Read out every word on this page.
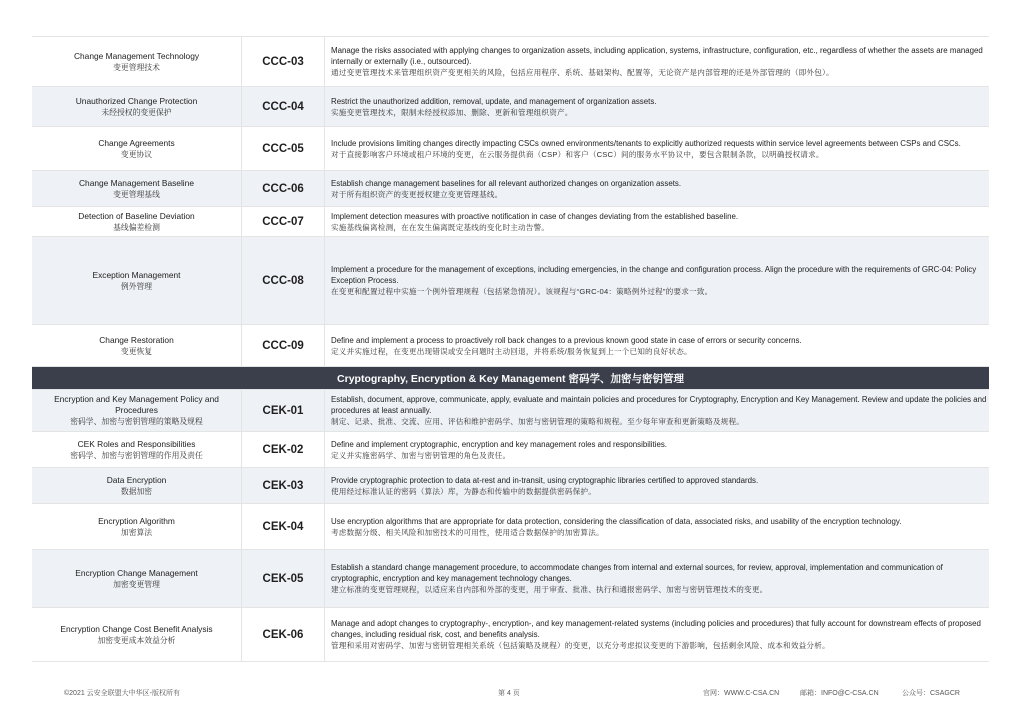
Change Management Technology
变更管理技术	CCC-03
Manage the risks associated with applying changes to organization assets, including application, systems, infrastructure, configuration, etc., regardless of whether the assets are managed internally or externally (i.e., outsourced).
通过变更管理技术来管理组织资产变更相关的风险，包括应用程序、系统、基础架构、配置等，无论资产是内部管理的还是外部管理的（即外包）。
Unauthorized Change Protection
未经授权的变更保护	CCC-04	Restrict the unauthorized addition, removal, update, and management of organization assets.
实施变更管理技术，限制未经授权添加、删除、更新和管理组织资产。
Change Agreements
变更协议	CCC-05	Include provisions limiting changes directly impacting CSCs owned environments/tenants to explicitly authorized requests within service level agreements between CSPs and CSCs.
对于直接影响客户环境或租户环境的变更，在云服务提供商（CSP）和客户（CSC）间的服务水平协议中，要包含限制条款，以明确授权请求。
Change Management Baseline
变更管理基线	CCC-06	Establish change management baselines for all relevant authorized changes on organization assets.
对于所有组织资产的变更授权建立变更管理基线。
Detection of Baseline Deviation
基线偏差检测	CCC-07	Implement detection measures with proactive notification in case of changes deviating from the established baseline.
实施基线偏离检测，在在发生偏离既定基线的变化时主动告警。
Exception Management
例外管理	CCC-08
Implement a procedure for the management of exceptions, including emergencies, in the change and configuration process. Align the procedure with the requirements of GRC-04: Policy Exception Process.
在变更和配置过程中实施一个例外管理规程（包括紧急情况）。该规程与“GRC-04：策略例外过程”的要求一致。
Change Restoration
变更恢复	CCC-09	Define and implement a process to proactively roll back changes to a previous known good state in case of errors or security concerns.
定义并实施过程，在变更出现错误或安全问题时主动回退，并将系统/服务恢复到上一个已知的良好状态。
Cryptography, Encryption & Key Management 密码学、加密与密钥管理
Encryption and Key Management Policy and Procedures
密码学、加密与密钥管理的策略及规程
CEK-01
Establish, document, approve, communicate, apply, evaluate and maintain policies and procedures for Cryptography, Encryption and Key Management. Review and update the policies and procedures at least annually.
制定、记录、批准、交流、应用、评估和维护密码学、加密与密钥管理的策略和规程。至少每年审查和更新策略及规程。
CEK Roles and Responsibilities
密码学、加密与密钥管理的作用及责任	CEK-02	Define and implement cryptographic, encryption and key management roles and responsibilities.
定义并实施密码学、加密与密钥管理的角色及责任。
Data Encryption
数据加密	CEK-03	Provide cryptographic protection to data at-rest and in-transit, using cryptographic libraries certified to approved standards.
使用经过标准认证的密码（算法）库，为静态和传输中的数据提供密码保护。
Encryption Algorithm
加密算法	CEK-04	Use encryption algorithms that are appropriate for data protection, considering the classification of data, associated risks, and usability of the encryption technology.
考虑数据分级、相关风险和加密技术的可用性，使用适合数据保护的加密算法。
Encryption Change Management
加密变更管理	CEK-05
Establish a standard change management procedure, to accommodate changes from internal and external sources, for review, approval, implementation and communication of cryptographic, encryption and key management technology changes.
建立标准的变更管理规程，以适应来自内部和外部的变更，用于审查、批准、执行和通报密码学、加密与密钥管理技术的变更。
Encryption Change Cost Benefit Analysis
加密变更成本效益分析	CEK-06
Manage and adopt changes to cryptography-, encryption-, and key management-related systems (including policies and procedures) that fully account for downstream effects of proposed changes, including residual risk, cost, and benefits analysis.
管理和采用对密码学、加密与密钥管理相关系统（包括策略及规程）的变更，以充分考虑拟议变更的下游影响，包括剩余风险、成本和效益分析。
©2021 云安全联盟大中华区-版权所有	第 4 页	官网：WWW.C-CSA.CN	邮箱：INFO@C-CSA.CN	公众号：CSAGCR
